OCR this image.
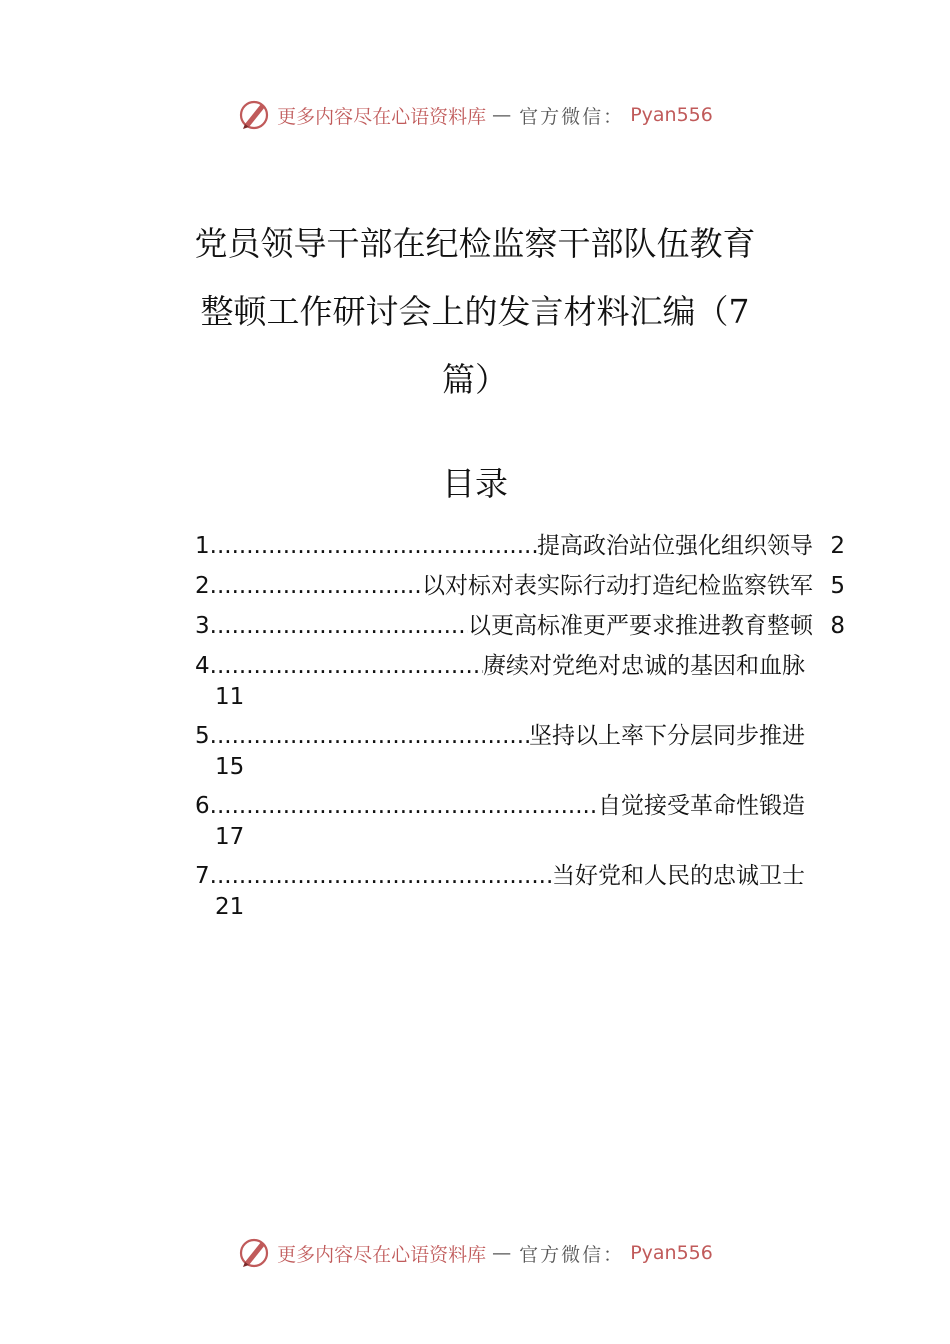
更多内容尽在心语资料库 — 官方微信： Pyan556
党员领导干部在纪检监察干部队伍教育
整顿工作研讨会上的发言材料汇编（7
篇）
目录
1 .....	提高政治站位强化组织领导 2
2 .....	以对标对表实际行动打造纪检监察铁军 5
3 .....	以更高标准更严要求推进教育整顿 8
4 .....	赓续对党绝对忠诚的基因和血脉
11
5 .....	坚持以上率下分层同步推进
15
6 .....	自觉接受革命性锻造
17
7 .....	当好党和人民的忠诚卫士
21
更多内容尽在心语资料库 — 官方微信： Pyan556
